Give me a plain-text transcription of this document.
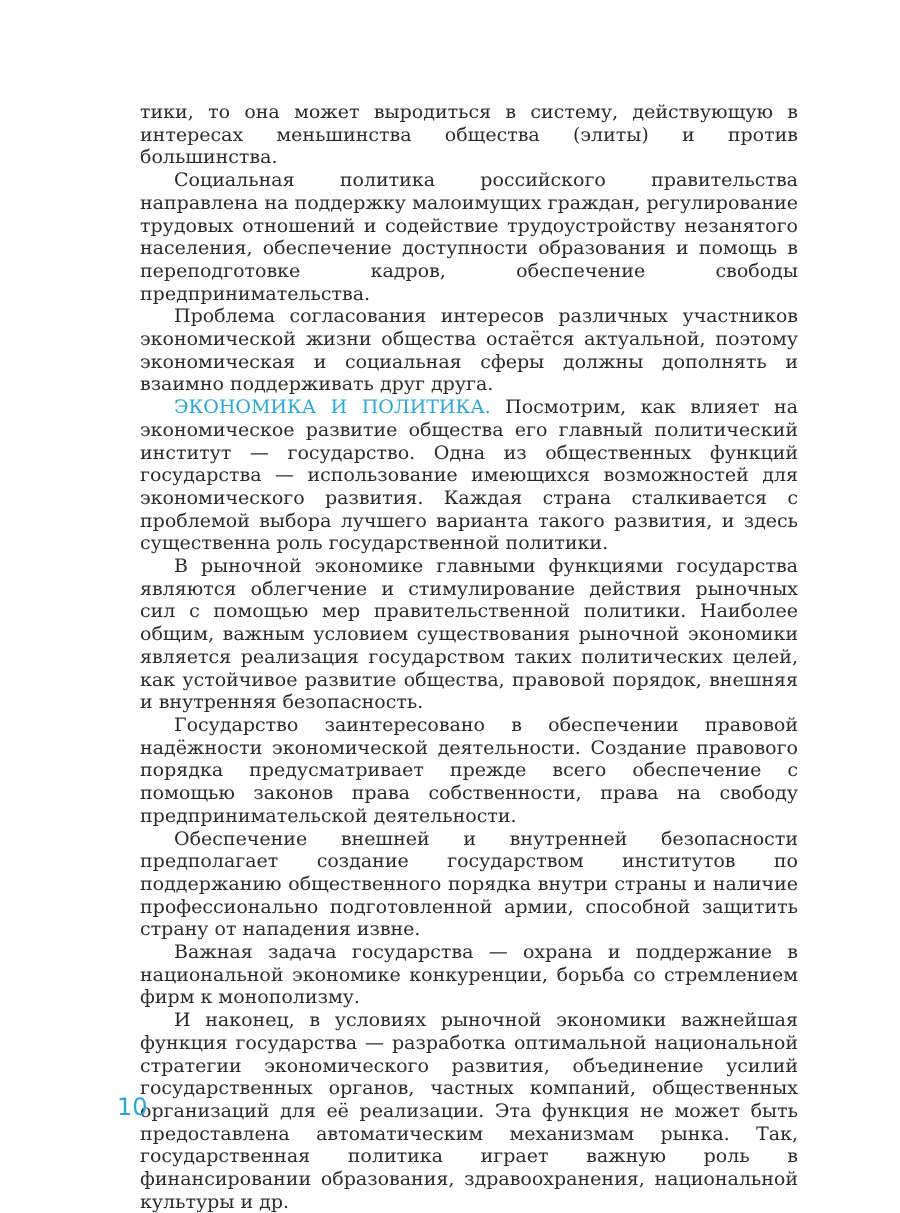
тики, то она может выродиться в систему, действующую в интересах меньшинства общества (элиты) и против большинства.

Социальная политика российского правительства направлена на поддержку малоимущих граждан, регулирование трудовых отношений и содействие трудоустройству незанятого населения, обеспечение доступности образования и помощь в переподготовке кадров, обеспечение свободы предпринимательства.

Проблема согласования интересов различных участников экономической жизни общества остаётся актуальной, поэтому экономическая и социальная сферы должны дополнять и взаимно поддерживать друг друга.

ЭКОНОМИКА И ПОЛИТИКА. Посмотрим, как влияет на экономическое развитие общества его главный политический институт — государство. Одна из общественных функций государства — использование имеющихся возможностей для экономического развития. Каждая страна сталкивается с проблемой выбора лучшего варианта такого развития, и здесь существенна роль государственной политики.

В рыночной экономике главными функциями государства являются облегчение и стимулирование действия рыночных сил с помощью мер правительственной политики. Наиболее общим, важным условием существования рыночной экономики является реализация государством таких политических целей, как устойчивое развитие общества, правовой порядок, внешняя и внутренняя безопасность.

Государство заинтересовано в обеспечении правовой надёжности экономической деятельности. Создание правового порядка предусматривает прежде всего обеспечение с помощью законов права собственности, права на свободу предпринимательской деятельности.

Обеспечение внешней и внутренней безопасности предполагает создание государством институтов по поддержанию общественного порядка внутри страны и наличие профессионально подготовленной армии, способной защитить страну от нападения извне.

Важная задача государства — охрана и поддержание в национальной экономике конкуренции, борьба со стремлением фирм к монополизму.

И наконец, в условиях рыночной экономики важнейшая функция государства — разработка оптимальной национальной стратегии экономического развития, объединение усилий государственных органов, частных компаний, общественных организаций для её реализации. Эта функция не может быть предоставлена автоматическим механизмам рынка. Так, государственная политика играет важную роль в финансировании образования, здравоохранения, национальной культуры и др.

10
